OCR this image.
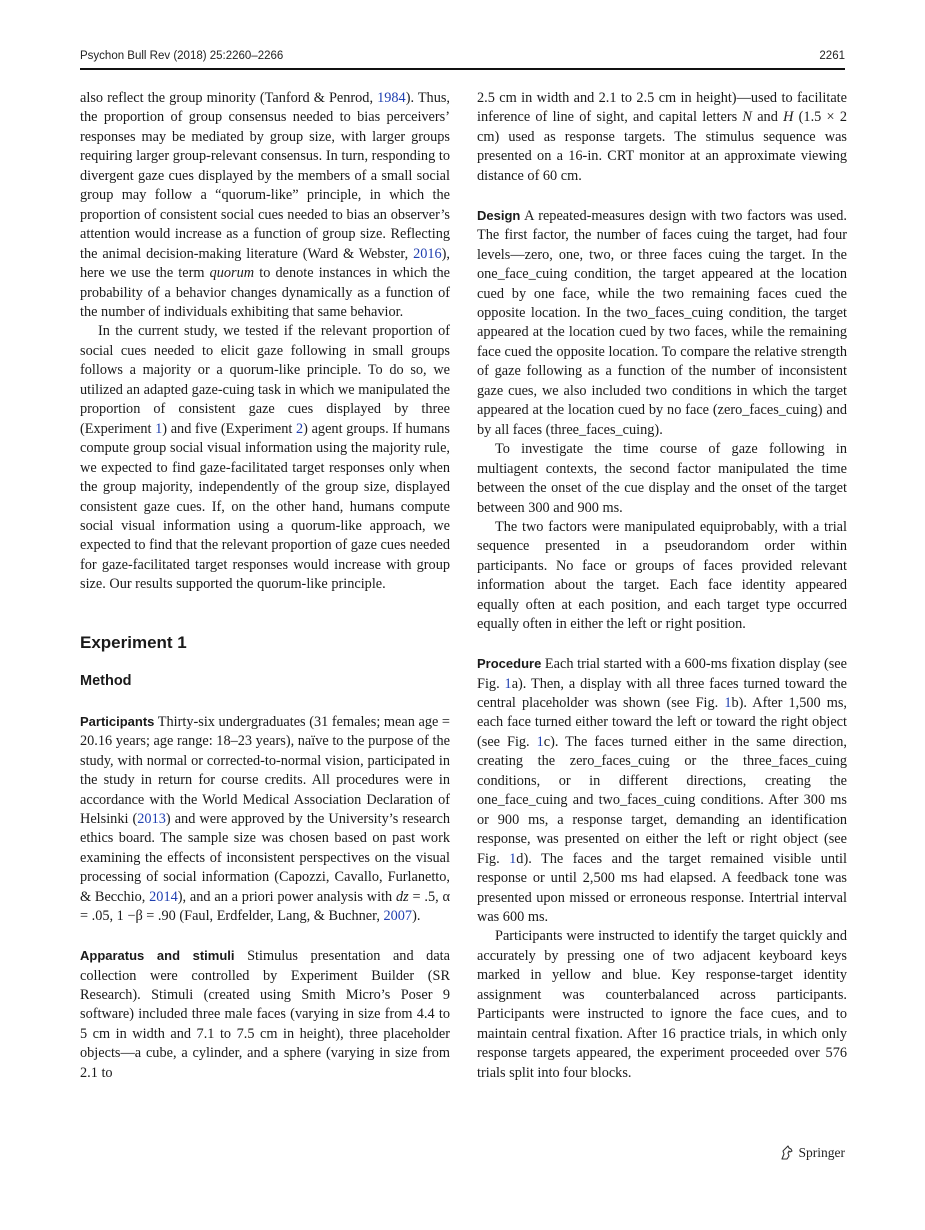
Psychon Bull Rev (2018) 25:2260–2266	2261

also reflect the group minority (Tanford & Penrod, 1984). Thus, the proportion of group consensus needed to bias perceivers’ responses may be mediated by group size, with larger groups requiring larger group-relevant consensus. In turn, responding to divergent gaze cues displayed by the members of a small social group may follow a “quorum-like” principle, in which the proportion of consistent social cues needed to bias an observer’s attention would increase as a function of group size. Reflecting the animal decision-making literature (Ward & Webster, 2016), here we use the term quorum to denote instances in which the probability of a behavior changes dynamically as a function of the number of individuals exhibiting that same behavior.

In the current study, we tested if the relevant proportion of social cues needed to elicit gaze following in small groups follows a majority or a quorum-like principle. To do so, we utilized an adapted gaze-cuing task in which we manipulated the proportion of consistent gaze cues displayed by three (Experiment 1) and five (Experiment 2) agent groups. If humans compute group social visual information using the majority rule, we expected to find gaze-facilitated target responses only when the group majority, independently of the group size, displayed consistent gaze cues. If, on the other hand, humans compute social visual information using a quorum-like approach, we expected to find that the relevant proportion of gaze cues needed for gaze-facilitated target responses would increase with group size. Our results supported the quorum-like principle.

Experiment 1

Method

Participants Thirty-six undergraduates (31 females; mean age = 20.16 years; age range: 18–23 years), naïve to the purpose of the study, with normal or corrected-to-normal vision, participated in the study in return for course credits. All procedures were in accordance with the World Medical Association Declaration of Helsinki (2013) and were approved by the University’s research ethics board. The sample size was chosen based on past work examining the effects of inconsistent perspectives on the visual processing of social information (Capozzi, Cavallo, Furlanetto, & Becchio, 2014), and an a priori power analysis with dz = .5, α = .05, 1 −β = .90 (Faul, Erdfelder, Lang, & Buchner, 2007).

Apparatus and stimuli Stimulus presentation and data collection were controlled by Experiment Builder (SR Research). Stimuli (created using Smith Micro’s Poser 9 software) included three male faces (varying in size from 4.4 to 5 cm in width and 7.1 to 7.5 cm in height), three placeholder objects—a cube, a cylinder, and a sphere (varying in size from 2.1 to

2.5 cm in width and 2.1 to 2.5 cm in height)—used to facilitate inference of line of sight, and capital letters N and H (1.5 × 2 cm) used as response targets. The stimulus sequence was presented on a 16-in. CRT monitor at an approximate viewing distance of 60 cm.

Design A repeated-measures design with two factors was used. The first factor, the number of faces cuing the target, had four levels—zero, one, two, or three faces cuing the target. In the one_face_cuing condition, the target appeared at the location cued by one face, while the two remaining faces cued the opposite location. In the two_faces_cuing condition, the target appeared at the location cued by two faces, while the remaining face cued the opposite location. To compare the relative strength of gaze following as a function of the number of inconsistent gaze cues, we also included two conditions in which the target appeared at the location cued by no face (zero_faces_cuing) and by all faces (three_faces_cuing).

To investigate the time course of gaze following in multiagent contexts, the second factor manipulated the time between the onset of the cue display and the onset of the target between 300 and 900 ms.

The two factors were manipulated equiprobably, with a trial sequence presented in a pseudorandom order within participants. No face or groups of faces provided relevant information about the target. Each face identity appeared equally often at each position, and each target type occurred equally often in either the left or right position.

Procedure Each trial started with a 600-ms fixation display (see Fig. 1a). Then, a display with all three faces turned toward the central placeholder was shown (see Fig. 1b). After 1,500 ms, each face turned either toward the left or toward the right object (see Fig. 1c). The faces turned either in the same direction, creating the zero_faces_cuing or the three_faces_cuing conditions, or in different directions, creating the one_face_cuing and two_faces_cuing conditions. After 300 ms or 900 ms, a response target, demanding an identification response, was presented on either the left or right object (see Fig. 1d). The faces and the target remained visible until response or until 2,500 ms had elapsed. A feedback tone was presented upon missed or erroneous response. Intertrial interval was 600 ms.

Participants were instructed to identify the target quickly and accurately by pressing one of two adjacent keyboard keys marked in yellow and blue. Key response-target identity assignment was counterbalanced across participants. Participants were instructed to ignore the face cues, and to maintain central fixation. After 16 practice trials, in which only response targets appeared, the experiment proceeded over 576 trials split into four blocks.

Springer
